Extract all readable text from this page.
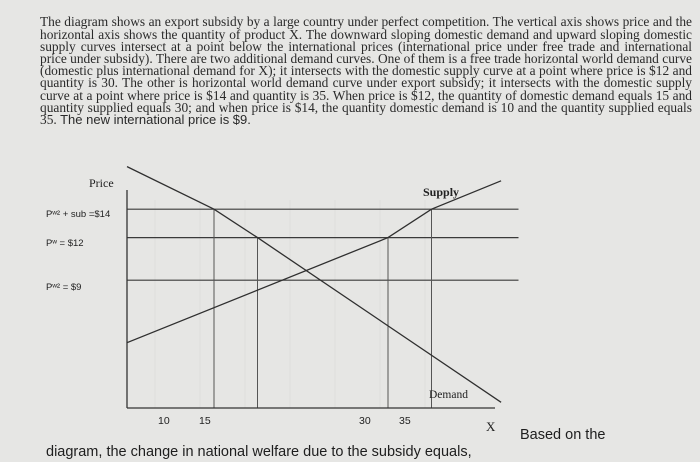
The diagram shows an export subsidy by a large country under perfect competition. The vertical axis shows price and the horizontal axis shows the quantity of product X. The downward sloping domestic demand and upward sloping domestic supply curves intersect at a point below the international prices (international price under free trade and international price under subsidy). There are two additional demand curves. One of them is a free trade horizontal world demand curve (domestic plus international demand for X); it intersects with the domestic supply curve at a point where price is $12 and quantity is 30. The other is horizontal world demand curve under export subsidy; it intersects with the domestic supply curve at a point where price is $14 and quantity is 35. When price is $12, the quantity of domestic demand equals 15 and quantity supplied equals 30; and when price is $14, the quantity domestic demand is 10 and the quantity supplied equals 35. The new international price is $9.

Price
X
Pʷ² + sub =$14
Pʷ = $12
Pʷ² = $9
10	15	30	35
Supply
Demand

Based on the

diagram, the change in national welfare due to the subsidy equals,
